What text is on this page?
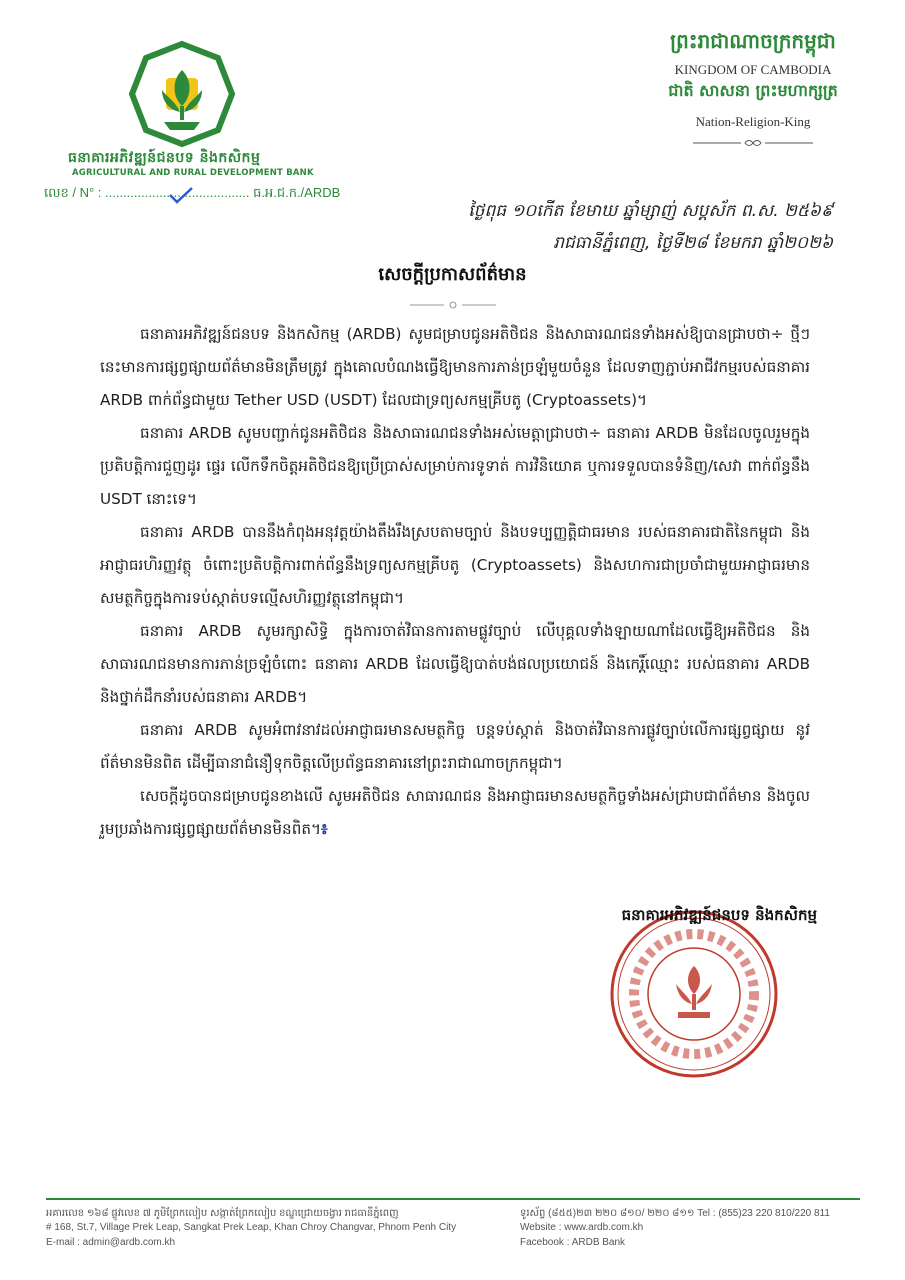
ធនាគារអភិវឌ្ឍន៍ជនបទ និងកសិកម្ម
AGRICULTURAL AND RURAL DEVELOPMENT BANK
លេខ / N° : ........................................ ធ.អ.ជ.ក./ARDB
ព្រះរាជាណាចក្រកម្ពុជា
KINGDOM OF CAMBODIA
ជាតិ សាសនា ព្រះមហាក្សត្រ
Nation-Religion-King
ថ្ងៃពុធ ១០កើត ខែមាឃ ឆ្នាំម្សាញ់ សប្តស័ក ព.ស. ២៥៦៩
រាជធានីភ្នំពេញ, ថ្ងៃទី២៨ ខែមករា ឆ្នាំ២០២៦
សេចក្តីប្រកាសព័ត៌មាន

ធនាគារអភិវឌ្ឍន៍ជនបទ និងកសិកម្ម (ARDB) សូមជម្រាបជូនអតិថិជន និងសាធារណជនទាំងអស់ឱ្យបានជ្រាបថា÷ ថ្មីៗនេះមានការផ្សព្វផ្សាយព័ត៌មានមិនត្រឹមត្រូវ ក្នុងគោលបំណងធ្វើឱ្យមានការភាន់ច្រឡំមួយចំនួន ដែលទាញភ្ជាប់អាជីវកម្មរបស់ធនាគារ ARDB ពាក់ព័ន្ធជាមួយ Tether USD (USDT) ដែលជាទ្រព្យសកម្មគ្រីបតូ (Cryptoassets)។

ធនាគារ ARDB សូមបញ្ជាក់ជូនអតិថិជន និងសាធារណជនទាំងអស់មេត្តាជ្រាបថា÷ ធនាគារ ARDB មិនដែលចូលរួមក្នុងប្រតិបត្តិការជួញដូរ ផ្ទេរ លើកទឹកចិត្តអតិថិជនឱ្យប្រើប្រាស់សម្រាប់ការទូទាត់ ការវិនិយោគ ឬការទទួលបានទំនិញ/សេវា ពាក់ព័ន្ធនឹង USDT នោះទេ។

ធនាគារ ARDB បាននឹងកំពុងអនុវត្តយ៉ាងតឹងរឹងស្របតាមច្បាប់ និងបទប្បញ្ញត្តិជាធរមាន របស់ធនាគារជាតិនៃកម្ពុជា និងអាជ្ញាធរហិរញ្ញវត្ថុ ចំពោះប្រតិបត្តិការពាក់ព័ន្ធនឹងទ្រព្យសកម្មគ្រីបតូ (Cryptoassets) និងសហការជាប្រចាំជាមួយអាជ្ញាធរមានសមត្ថកិច្ចក្នុងការទប់ស្កាត់បទល្មើសហិរញ្ញវត្ថុនៅកម្ពុជា។

ធនាគារ ARDB សូមរក្សាសិទ្ធិ ក្នុងការចាត់វិធានការតាមផ្លូវច្បាប់ លើបុគ្គលទាំងឡាយណាដែលធ្វើឱ្យអតិថិជន និងសាធារណជនមានការភាន់ច្រឡំចំពោះ ធនាគារ ARDB ដែលធ្វើឱ្យបាត់បង់ផលប្រយោជន៍ និងកេរ្តិ៍ឈ្មោះ របស់ធនាគារ ARDB និងថ្នាក់ដឹកនាំរបស់ធនាគារ ARDB។

ធនាគារ ARDB សូមអំពាវនាវដល់អាជ្ញាធរមានសមត្ថកិច្ច បន្តទប់ស្កាត់ និងចាត់វិធានការផ្លូវច្បាប់លើការផ្សព្វផ្សាយ នូវព័ត៌មានមិនពិត ដើម្បីធានាជំនឿទុកចិត្តលើប្រព័ន្ធធនាគារនៅព្រះរាជាណាចក្រកម្ពុជា។

សេចក្តីដូចបានជម្រាបជូនខាងលើ សូមអតិថិជន សាធារណជន និងអាជ្ញាធរមានសមត្ថកិច្ចទាំងអស់ជ្រាបជាព័ត៌មាន និងចូលរួមប្រឆាំងការផ្សព្វផ្សាយព័ត៌មានមិនពិត។៖

ធនាគារអភិវឌ្ឍន៍ជនបទ និងកសិកម្ម
អគារលេខ ១៦៨ ផ្លូវលេខ ៧ ភូមិព្រែកលៀប សង្កាត់ព្រែកលៀប ខណ្ឌជ្រោយចង្វារ រាជធានីភ្នំពេញ
# 168, St.7, Village Prek Leap, Sangkat Prek Leap, Khan Chroy Changvar, Phnom Penh City
E-mail : admin@ardb.com.kh
ទូរស័ព្ទ (៨៥៥)២៣ ២២០ ៨១០/ ២២០ ៨១១ Tel : (855)23 220 810/220 811
Website : www.ardb.com.kh
Facebook : ARDB Bank
